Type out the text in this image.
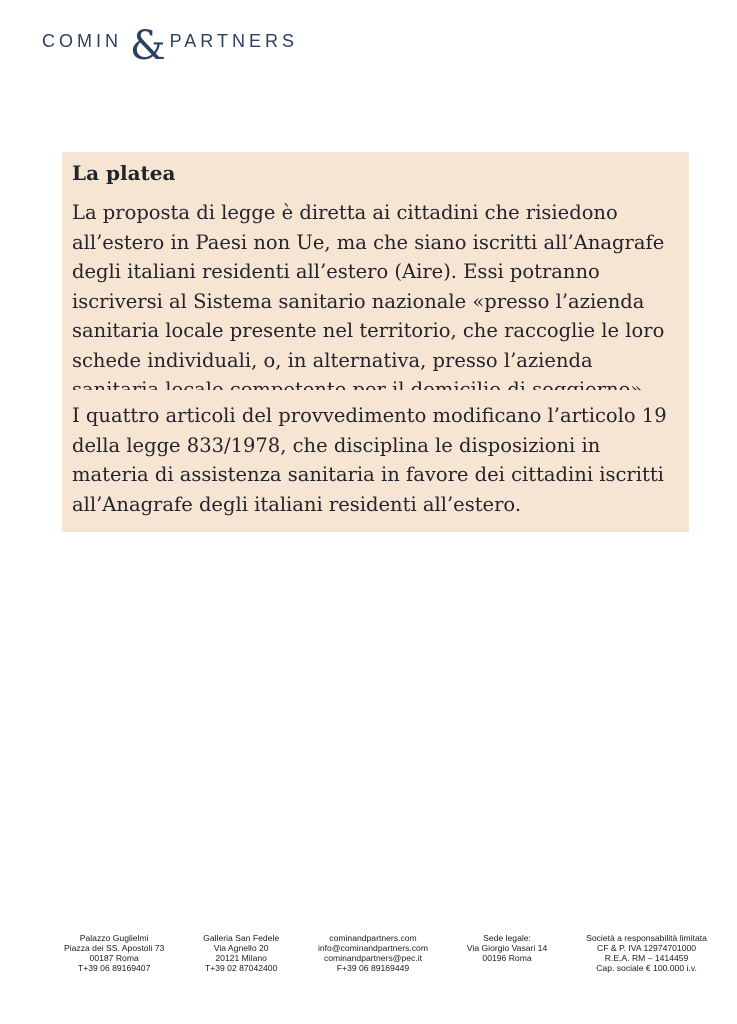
COMIN & PARTNERS
La platea

La proposta di legge è diretta ai cittadini che risiedono all’estero in Paesi non Ue, ma che siano iscritti all’Anagrafe degli italiani residenti all’estero (Aire). Essi potranno iscriversi al Sistema sanitario nazionale «presso l’azienda sanitaria locale presente nel territorio, che raccoglie le loro schede individuali, o, in alternativa, presso l’azienda

I quattro articoli del provvedimento modificano l’articolo 19 della legge 833/1978, che disciplina le disposizioni in materia di assistenza sanitaria in favore dei cittadini iscritti all’Anagrafe degli italiani residenti all’estero.

Palazzo Guglielmi
Piazza dei SS. Apostoli 73
00187 Roma
T+39 06 89169407
Galleria San Fedele
Via Agnello 20
20121 Milano
T+39 02 87042400
cominandpartners.com
info@cominandpartners.com
cominandpartners@pec.it
F+39 06 89169449
Sede legale:
Via Giorgio Vasari 14
00196 Roma
Società a responsabilità limitata
CF & P. IVA 12974701000
R.E.A. RM – 1414459
Cap. sociale € 100.000 i.v.
